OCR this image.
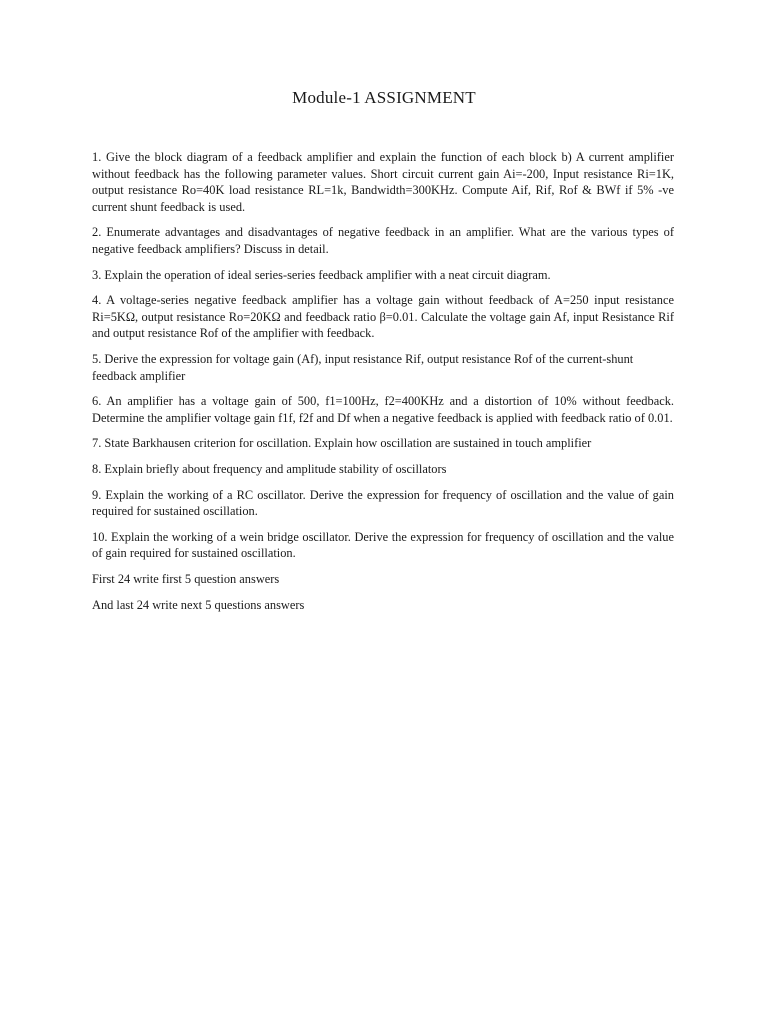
Module-1 ASSIGNMENT

1. Give the block diagram of a feedback amplifier and explain the function of each block b) A current amplifier without feedback has the following parameter values. Short circuit current gain Ai=-200, Input resistance Ri=1K, output resistance Ro=40K load resistance RL=1k, Bandwidth=300KHz. Compute Aif, Rif, Rof & BWf if 5% -ve current shunt feedback is used.

2. Enumerate advantages and disadvantages of negative feedback in an amplifier. What are the various types of negative feedback amplifiers? Discuss in detail.

3. Explain the operation of ideal series-series feedback amplifier with a neat circuit diagram.

4. A voltage-series negative feedback amplifier has a voltage gain without feedback of A=250 input resistance Ri=5KΩ, output resistance Ro=20KΩ and feedback ratio β=0.01. Calculate the voltage gain Af, input Resistance Rif and output resistance Rof of the amplifier with feedback.

5. Derive the expression for voltage gain (Af), input resistance Rif, output resistance Rof of the current-shunt feedback amplifier

6. An amplifier has a voltage gain of 500, f1=100Hz, f2=400KHz and a distortion of 10% without feedback. Determine the amplifier voltage gain f1f, f2f and Df when a negative feedback is applied with feedback ratio of 0.01.

7. State Barkhausen criterion for oscillation. Explain how oscillation are sustained in touch amplifier

8. Explain briefly about frequency and amplitude stability of oscillators

9. Explain the working of a RC oscillator. Derive the expression for frequency of oscillation and the value of gain required for sustained oscillation.

10. Explain the working of a wein bridge oscillator. Derive the expression for frequency of oscillation and the value of gain required for sustained oscillation.

First 24 write first 5 question answers

And last 24 write next 5 questions answers
